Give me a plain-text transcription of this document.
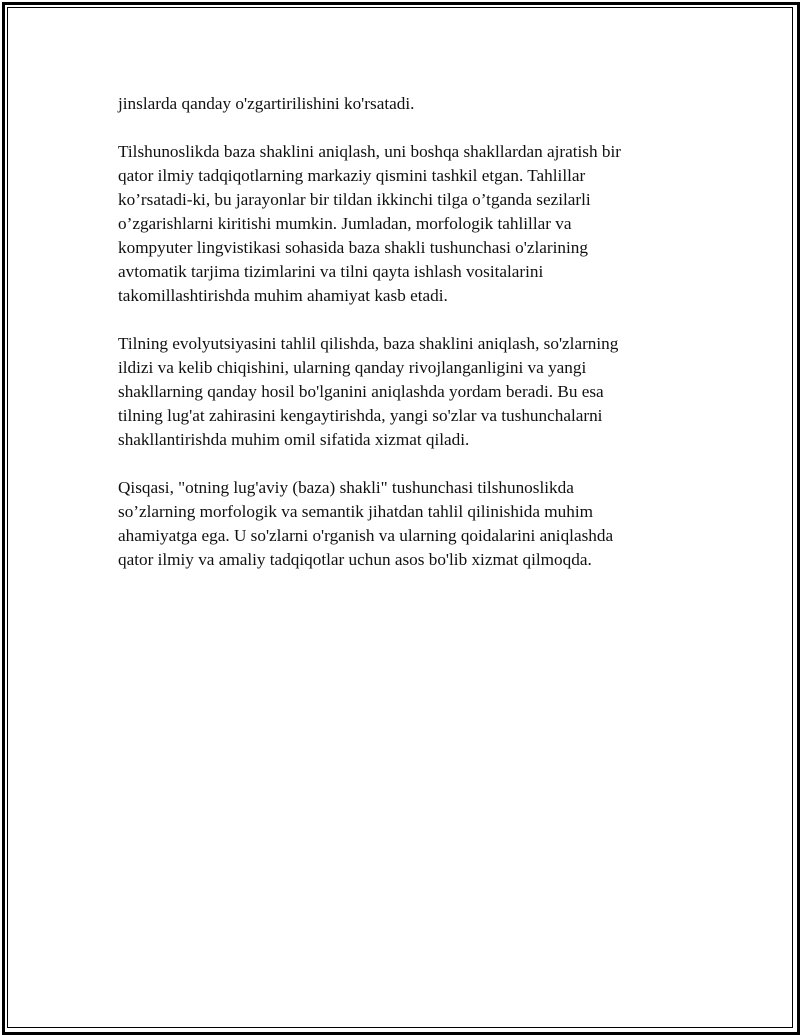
jinslarda qanday o'zgartirilishini ko'rsatadi.

Tilshunoslikda baza shaklini aniqlash, uni boshqa shakllardan ajratish bir
qator ilmiy tadqiqotlarning markaziy qismini tashkil etgan. Tahlillar
ko’rsatadi-ki, bu jarayonlar bir tildan ikkinchi tilga o’tganda sezilarli
o’zgarishlarni kiritishi mumkin. Jumladan, morfologik tahlillar va
kompyuter lingvistikasi sohasida baza shakli tushunchasi o'zlarining
avtomatik tarjima tizimlarini va tilni qayta ishlash vositalarini
takomillashtirishda muhim ahamiyat kasb etadi.

Tilning evolyutsiyasini tahlil qilishda, baza shaklini aniqlash, so'zlarning
ildizi va kelib chiqishini, ularning qanday rivojlanganligini va yangi
shakllarning qanday hosil bo'lganini aniqlashda yordam beradi. Bu esa
tilning lug'at zahirasini kengaytirishda, yangi so'zlar va tushunchalarni
shakllantirishda muhim omil sifatida xizmat qiladi.

Qisqasi, "otning lug'aviy (baza) shakli" tushunchasi tilshunoslikda
so’zlarning morfologik va semantik jihatdan tahlil qilinishida muhim
ahamiyatga ega. U so'zlarni o'rganish va ularning qoidalarini aniqlashda
qator ilmiy va amaliy tadqiqotlar uchun asos bo'lib xizmat qilmoqda.
